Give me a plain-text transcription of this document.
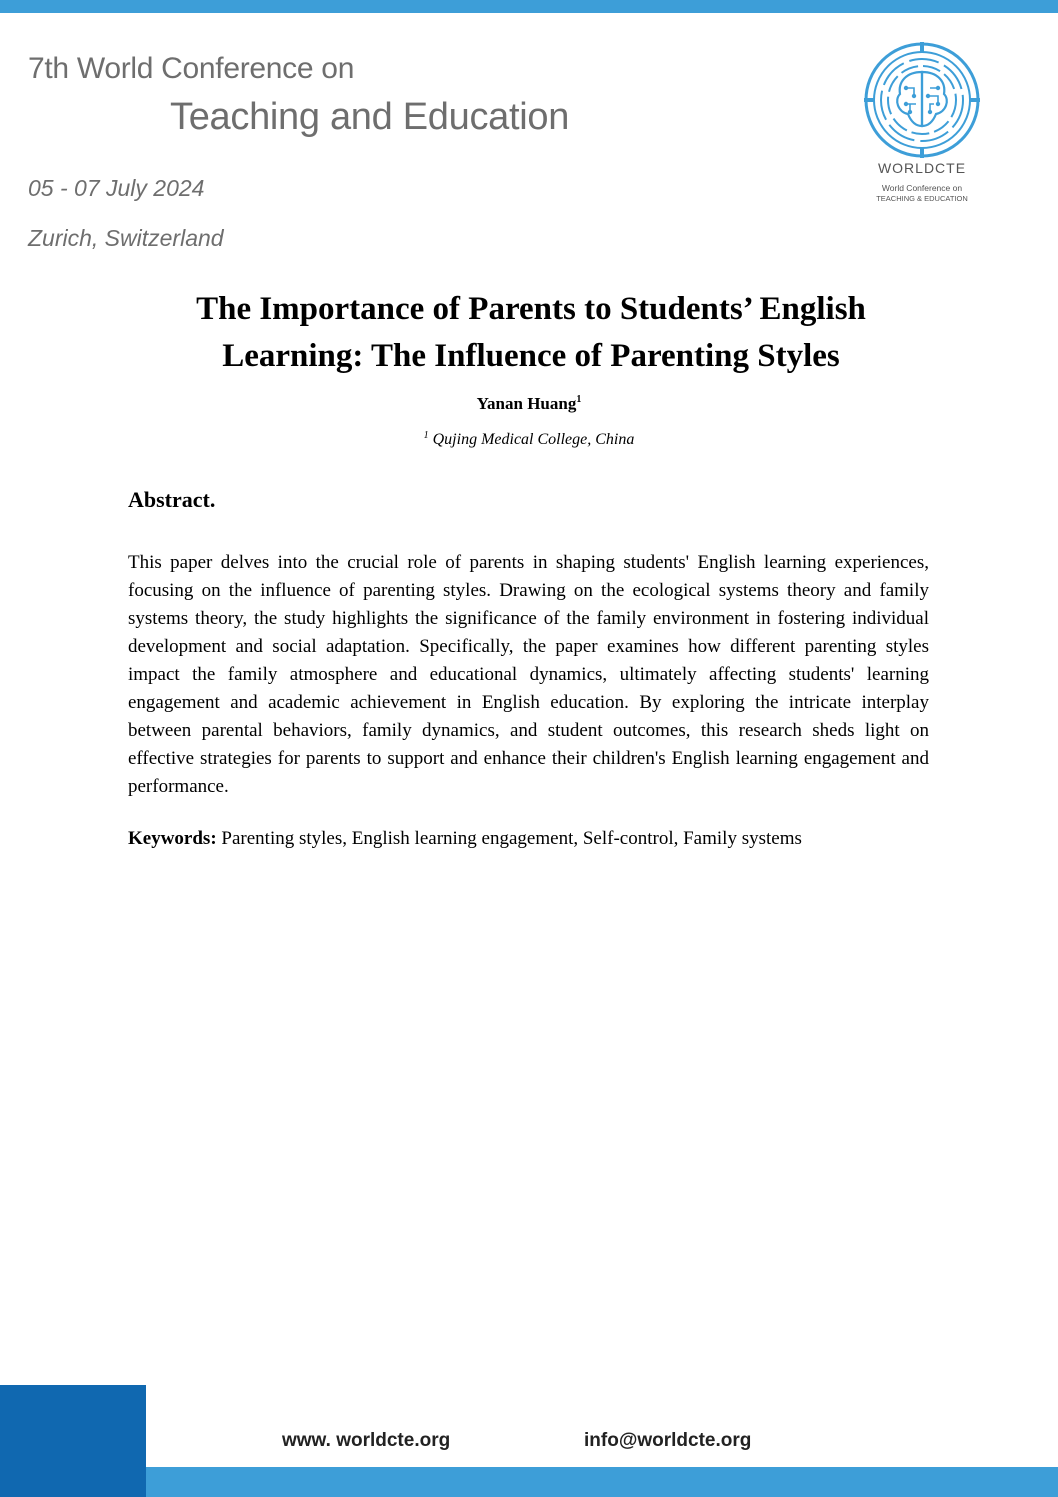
7th World Conference on
Teaching and Education
05 - 07 July 2024
Zurich, Switzerland
WORLDCTE
World Conference on
TEACHING & EDUCATION
The Importance of Parents to Students’ English
Learning: The Influence of Parenting Styles
Yanan Huang$^1$
$^1$ Qujing Medical College, China
Abstract.
This paper delves into the crucial role of parents in shaping students' English learning experiences, focusing on the influence of parenting styles. Drawing on the ecological systems theory and family systems theory, the study highlights the significance of the family environment in fostering individual development and social adaptation. Specifically, the paper examines how different parenting styles impact the family atmosphere and educational dynamics, ultimately affecting students' learning engagement and academic achievement in English education. By exploring the intricate interplay between parental behaviors, family dynamics, and student outcomes, this research sheds light on effective strategies for parents to support and enhance their children's English learning engagement and performance.
Keywords: Parenting styles, English learning engagement, Self-control, Family systems
www. worldcte.org	info@worldcte.org
